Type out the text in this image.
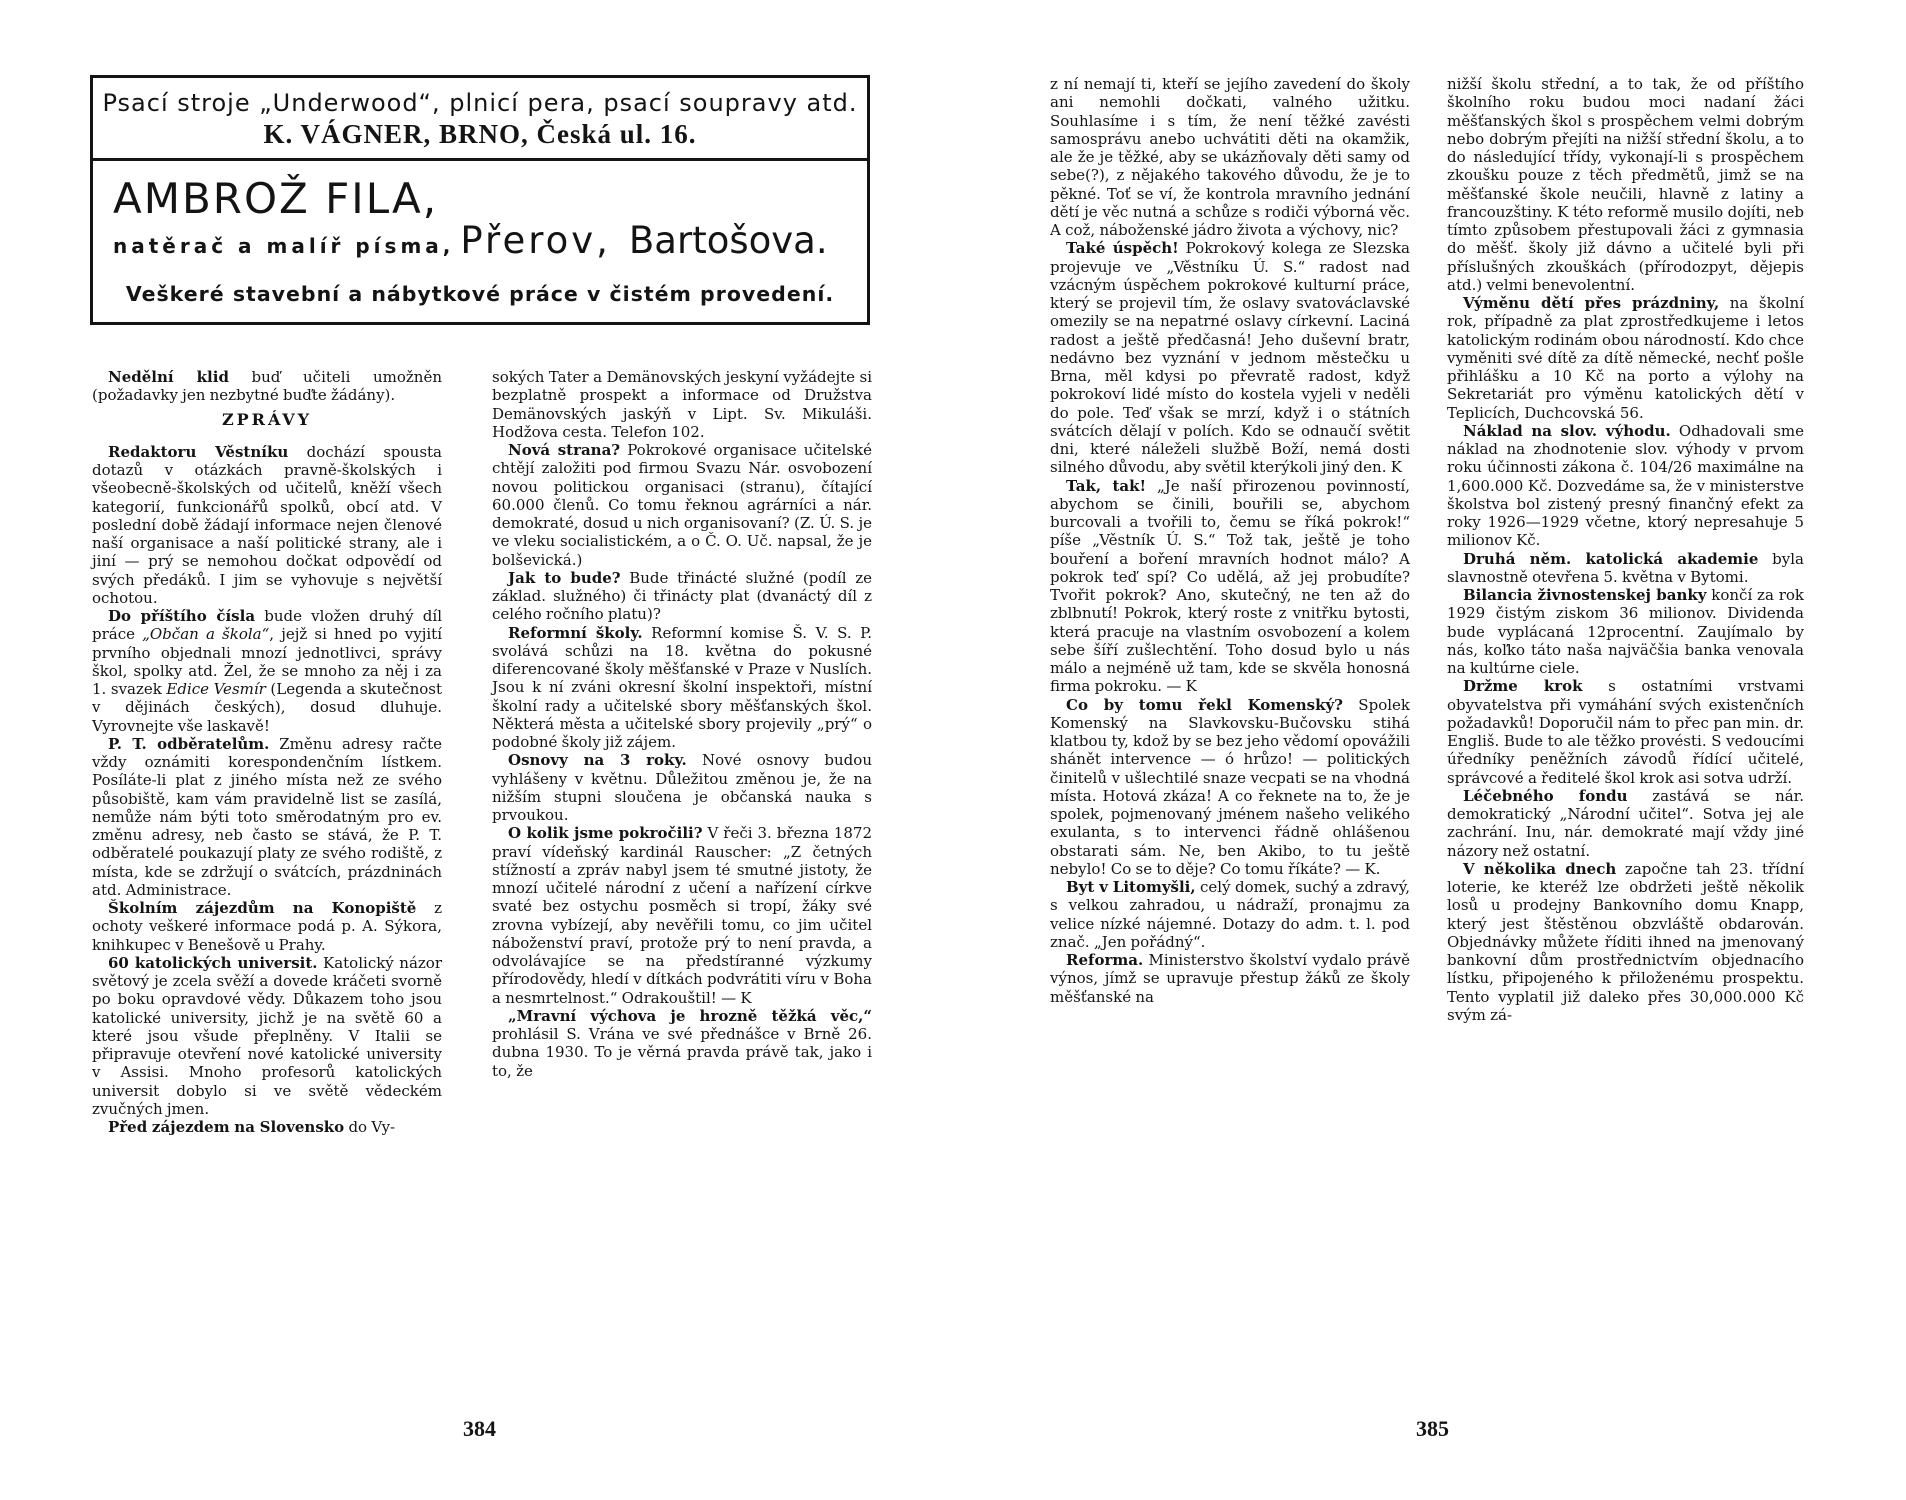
Psací stroje „Underwood“, plnicí pera, psací soupravy atd.
K. VÁGNER, BRNO, Česká ul. 16.
AMBROŽ FILA,
natěrač a malíř písma, Přerov, Bartošova.
Veškeré stavební a nábytkové práce v čistém provedení.

Nedělní klid buď učiteli umožněn (požadavky jen nezbytné buďte žádány).

ZPRÁVY

Redaktoru Věstníku dochází spousta dotazů v otázkách pravně-školských i všeobecně-školských od učitelů, kněží všech kategorií, funkcionářů spolků, obcí atd. V poslední době žádají informace nejen členové naší organisace a naší politické strany, ale i jiní — prý se nemohou dočkat odpovědí od svých předáků. I jim se vyhovuje s největší ochotou.

Do příštího čísla bude vložen druhý díl práce „Občan a škola“, jejž si hned po vyjití prvního objednali mnozí jednotlivci, správy škol, spolky atd. Žel, že se mnoho za něj i za 1. svazek Edice Vesmír (Legenda a skutečnost v dějinách českých), dosud dluhuje. Vyrovnejte vše laskavě!

P. T. odběratelům. Změnu adresy račte vždy oznámiti korespondenčním lístkem. Posíláte-li plat z jiného místa než ze svého působiště, kam vám pravidelně list se zasílá, nemůže nám býti toto směrodatným pro ev. změnu adresy, neb často se stává, že P. T. odběratelé poukazují platy ze svého rodiště, z místa, kde se zdržují o svátcích, prázdninách atd. Administrace.

Školním zájezdům na Konopiště z ochoty veškeré informace podá p. A. Sýkora, knihkupec v Benešově u Prahy.

60 katolických universit. Katolický názor světový je zcela svěží a dovede kráčeti svorně po boku opravdové vědy. Důkazem toho jsou katolické university, jichž je na světě 60 a které jsou všude přeplněny. V Italii se připravuje otevření nové katolické university v Assisi. Mnoho profesorů katolických universit dobylo si ve světě vědeckém zvučných jmen.

Před zájezdem na Slovensko do Vy-

sokých Tater a Demänovských jeskyní vyžádejte si bezplatně prospekt a informace od Družstva Demänovských jaskýň v Lipt. Sv. Mikuláši. Hodžova cesta. Telefon 102.

Nová strana? Pokrokové organisace učitelské chtějí založiti pod firmou Svazu Nár. osvobození novou politickou organisaci (stranu), čítající 60.000 členů. Co tomu řeknou agrárníci a nár. demokraté, dosud u nich organisovaní? (Z. Ú. S. je ve vleku socialistickém, a o Č. O. Uč. napsal, že je bolševická.)

Jak to bude? Bude třinácté služné (podíl ze základ. služného) či třinácty plat (dvanáctý díl z celého ročního platu)?

Reformní školy. Reformní komise Š. V. S. P. svolává schůzi na 18. května do pokusné diferencované školy měšťanské v Praze v Nuslích. Jsou k ní zváni okresní školní inspektoři, místní školní rady a učitelské sbory měšťanských škol. Některá města a učitelské sbory projevily „prý“ o podobné školy již zájem.

Osnovy na 3 roky. Nové osnovy budou vyhlášeny v květnu. Důležitou změnou je, že na nižším stupni sloučena je občanská nauka s prvoukou.

O kolik jsme pokročili? V řeči 3. března 1872 praví vídeňský kardinál Rauscher: „Z četných stížností a zpráv nabyl jsem té smutné jistoty, že mnozí učitelé národní z učení a nařízení církve svaté bez ostychu posměch si tropí, žáky své zrovna vybízejí, aby nevěřili tomu, co jim učitel náboženství praví, protože prý to není pravda, a odvolávajíce se na předstíranné výzkumy přírodovědy, hledí v dítkách podvrátiti víru v Boha a nesmrtelnost.“ Odrakouštil! — K

„Mravní výchova je hrozně těžká věc,“ prohlásil S. Vrána ve své přednášce v Brně 26. dubna 1930. To je věrná pravda právě tak, jako i to, že

384

z ní nemají ti, kteří se jejího zavedení do školy ani nemohli dočkati, valného užitku. Souhlasíme i s tím, že není těžké zavésti samosprávu anebo uchvátiti děti na okamžik, ale že je těžké, aby se ukázňovaly děti samy od sebe(?), z nějakého takového důvodu, že je to pěkné. Toť se ví, že kontrola mravního jednání dětí je věc nutná a schůze s rodiči výborná věc. A což, náboženské jádro života a výchovy, nic?

Také úspěch! Pokrokový kolega ze Slezska projevuje ve „Věstníku Ú. S.“ radost nad vzácným úspěchem pokrokové kulturní práce, který se projevil tím, že oslavy svatováclavské omezily se na nepatrné oslavy církevní. Laciná radost a ještě předčasná! Jeho duševní bratr, nedávno bez vyznání v jednom městečku u Brna, měl kdysi po převratě radost, když pokrokoví lidé místo do kostela vyjeli v neděli do pole. Teď však se mrzí, když i o státních svátcích dělají v polích. Kdo se odnaučí světit dni, které náleželi službě Boží, nemá dosti silného důvodu, aby světil kterýkoli jiný den. K

Tak, tak! „Je naší přirozenou povinností, abychom se činili, bouřili se, abychom burcovali a tvořili to, čemu se říká pokrok!“ píše „Věstník Ú. S.“ Tož tak, ještě je toho bouření a boření mravních hodnot málo? A pokrok teď spí? Co udělá, až jej probudíte? Tvořit pokrok? Ano, skutečný, ne ten až do zblbnutí! Pokrok, který roste z vnitřku bytosti, která pracuje na vlastním osvobození a kolem sebe šíří zušlechtění. Toho dosud bylo u nás málo a nejméně už tam, kde se skvěla honosná firma pokroku. — K

Co by tomu řekl Komenský? Spolek Komenský na Slavkovsku-Bučovsku stihá klatbou ty, kdož by se bez jeho vědomí opovážili shánět intervence — ó hrůzo! — politických činitelů v ušlechtilé snaze vecpati se na vhodná místa. Hotová zkáza! A co řeknete na to, že je spolek, pojmenovaný jménem našeho velikého exulanta, s to intervenci řádně ohlášenou obstarati sám. Ne, ben Akibo, to tu ještě nebylo! Co se to děje? Co tomu říkáte? — K.

Byt v Litomyšli, celý domek, suchý a zdravý, s velkou zahradou, u nádraží, pronajmu za velice nízké nájemné. Dotazy do adm. t. l. pod znač. „Jen pořádný“.

Reforma. Ministerstvo školství vydalo právě výnos, jímž se upravuje přestup žáků ze školy měšťanské na

nižší školu střední, a to tak, že od příštího školního roku budou moci nadaní žáci měšťanských škol s prospěchem velmi dobrým nebo dobrým přejíti na nižší střední školu, a to do následující třídy, vykonají-li s prospěchem zkoušku pouze z těch předmětů, jimž se na měšťanské škole neučili, hlavně z latiny a francouzštiny. K této reformě musilo dojíti, neb tímto způsobem přestupovali žáci z gymnasia do měšť. školy již dávno a učitelé byli při příslušných zkouškách (přírodozpyt, dějepis atd.) velmi benevolentní.

Výměnu dětí přes prázdniny, na školní rok, případně za plat zprostředkujeme i letos katolickým rodinám obou národností. Kdo chce vyměniti své dítě za dítě německé, nechť pošle přihlášku a 10 Kč na porto a výlohy na Sekretariát pro výměnu katolických dětí v Teplicích, Duchcovská 56.

Náklad na slov. výhodu. Odhadovali sme náklad na zhodnotenie slov. výhody v prvom roku účinnosti zákona č. 104/26 maximálne na 1,600.000 Kč. Dozvedáme sa, že v ministerstve školstva bol zistený presný finančný efekt za roky 1926—1929 včetne, ktorý nepresahuje 5 milionov Kč.

Druhá něm. katolická akademie byla slavnostně otevřena 5. května v Bytomi.

Bilancia živnostenskej banky končí za rok 1929 čistým ziskom 36 milionov. Dividenda bude vyplácaná 12procentní. Zaujímalo by nás, koľko táto naša najväčšia banka venovala na kultúrne ciele.

Držme krok s ostatními vrstvami obyvatelstva při vymáhání svých existenčních požadavků! Doporučil nám to přec pan min. dr. Engliš. Bude to ale těžko provésti. S vedoucími úředníky peněžních závodů řídící učitelé, správcové a ředitelé škol krok asi sotva udrží.

Léčebného fondu zastává se nár. demokratický „Národní učitel“. Sotva jej ale zachrání. Inu, nár. demokraté mají vždy jiné názory než ostatní.

V několika dnech započne tah 23. třídní loterie, ke kteréž lze obdržeti ještě několik losů u prodejny Bankovního domu Knapp, který jest štěstěnou obzvláště obdarován. Objednávky můžete říditi ihned na jmenovaný bankovní dům prostřednictvím objednacího lístku, připojeného k přiloženému prospektu. Tento vyplatil již daleko přes 30,000.000 Kč svým zá-

385
